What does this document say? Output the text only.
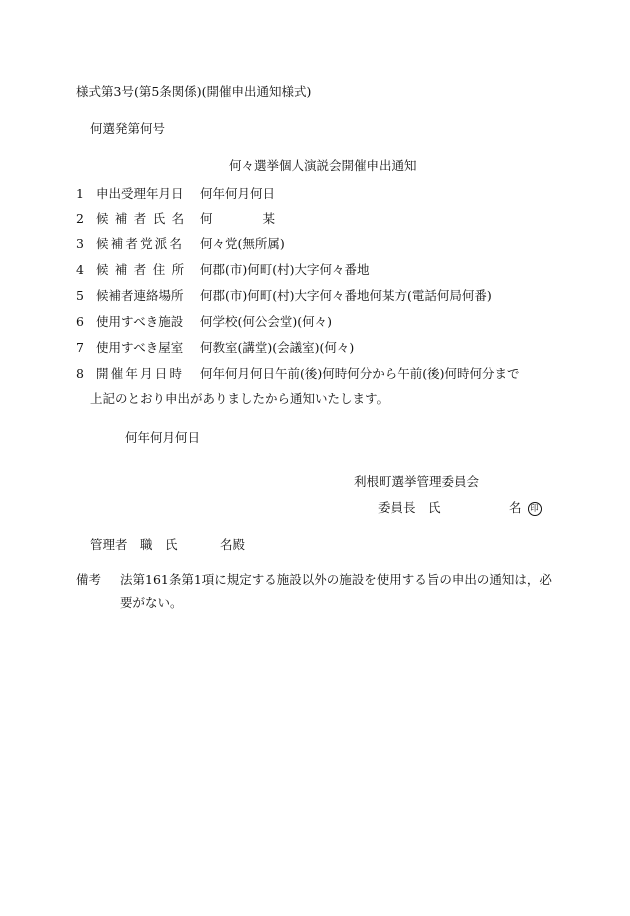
様式第3号(第5条関係)(開催申出通知様式)
何選発第何号
何々選挙個人演説会開催申出通知
1 申出受理年月日 何年何月何日
2 候補者氏名 何　　　　某
3 候補者党派名 何々党(無所属)
4 候補者住所 何郡(市)何町(村)大字何々番地
5 候補者連絡場所 何郡(市)何町(村)大字何々番地何某方(電話何局何番)
6 使用すべき施設 何学校(何公会堂)(何々)
7 使用すべき屋室 何教室(講堂)(会議室)(何々)
8 開催年月日時 何年何月何日午前(後)何時何分から午前(後)何時何分まで
上記のとおり申出がありましたから通知いたします。
何年何月何日
利根町選挙管理委員会
委員長　氏	名 印
管理者　職　氏	名殿
備考 法第161条第1項に規定する施設以外の施設を使用する旨の申出の通知は，必要がない。
